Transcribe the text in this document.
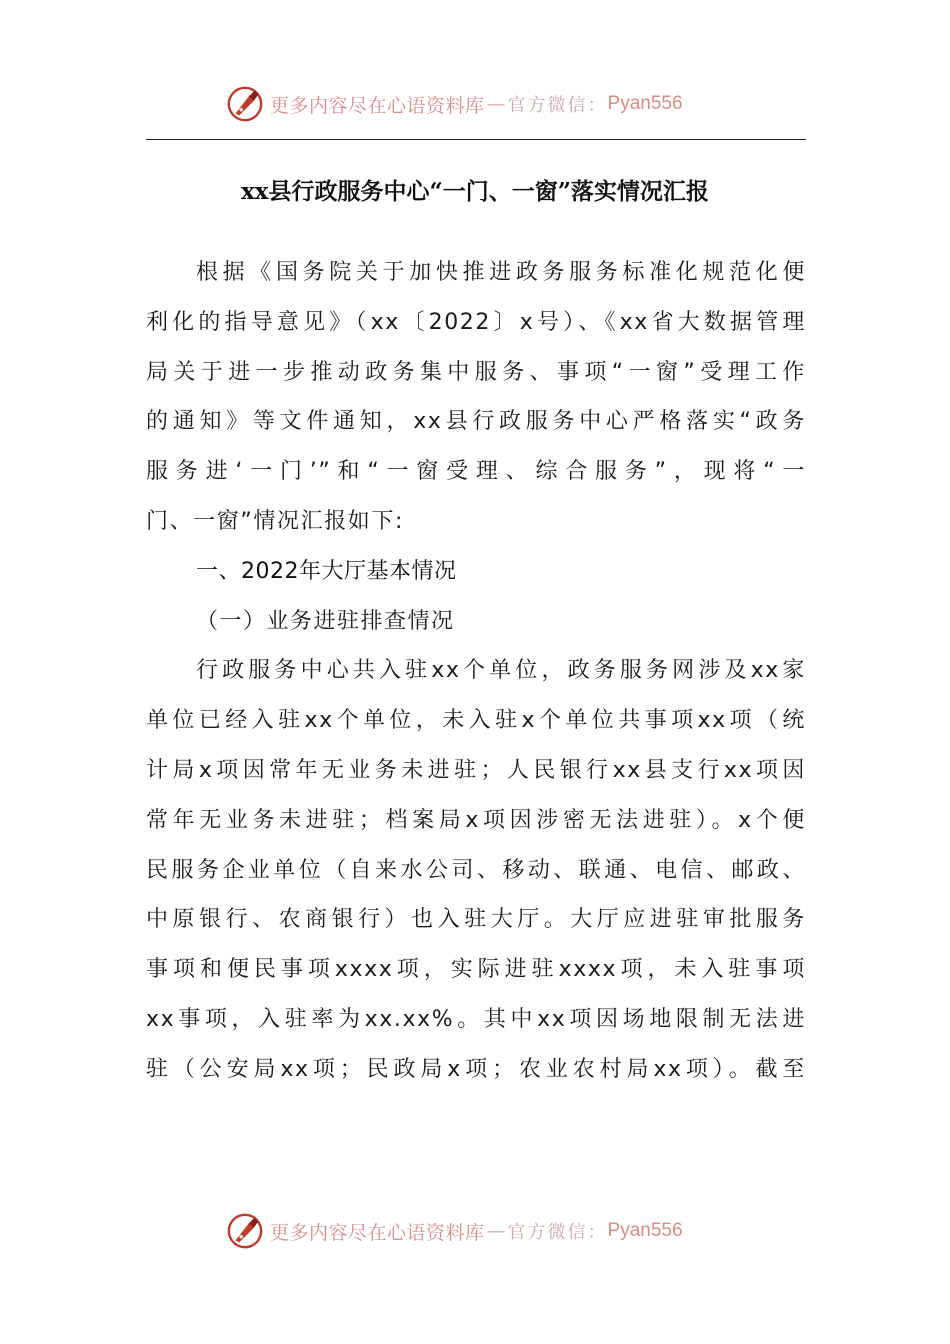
更多内容尽在心语资料库 — 官方微信： Pyan556
xx县行政服务中心“一门、一窗”落实情况汇报
根据《国务院关于加快推进政务服务标准化规范化便
利化的指导意见》（xx〔2022〕x号）、《xx省大数据管理
局关于进一步推动政务集中服务、事项“一窗”受理工作
的通知》等文件通知，xx县行政服务中心严格落实“政务
服务进‘一门’”和“一窗受理、综合服务”，现将“一
门、一窗”情况汇报如下:
一、2022年大厅基本情况
（一）业务进驻排查情况
行政服务中心共入驻xx个单位，政务服务网涉及xx家
单位已经入驻xx个单位，未入驻x个单位共事项xx项（统
计局x项因常年无业务未进驻；人民银行xx县支行xx项因
常年无业务未进驻；档案局x项因涉密无法进驻）。x个便
民服务企业单位（自来水公司、移动、联通、电信、邮政、
中原银行、农商银行）也入驻大厅。大厅应进驻审批服务
事项和便民事项xxxx项，实际进驻xxxx项，未入驻事项
xx事项，入驻率为xx.xx%。其中xx项因场地限制无法进
驻（公安局xx项；民政局x项；农业农村局xx项）。截至
更多内容尽在心语资料库 — 官方微信： Pyan556
